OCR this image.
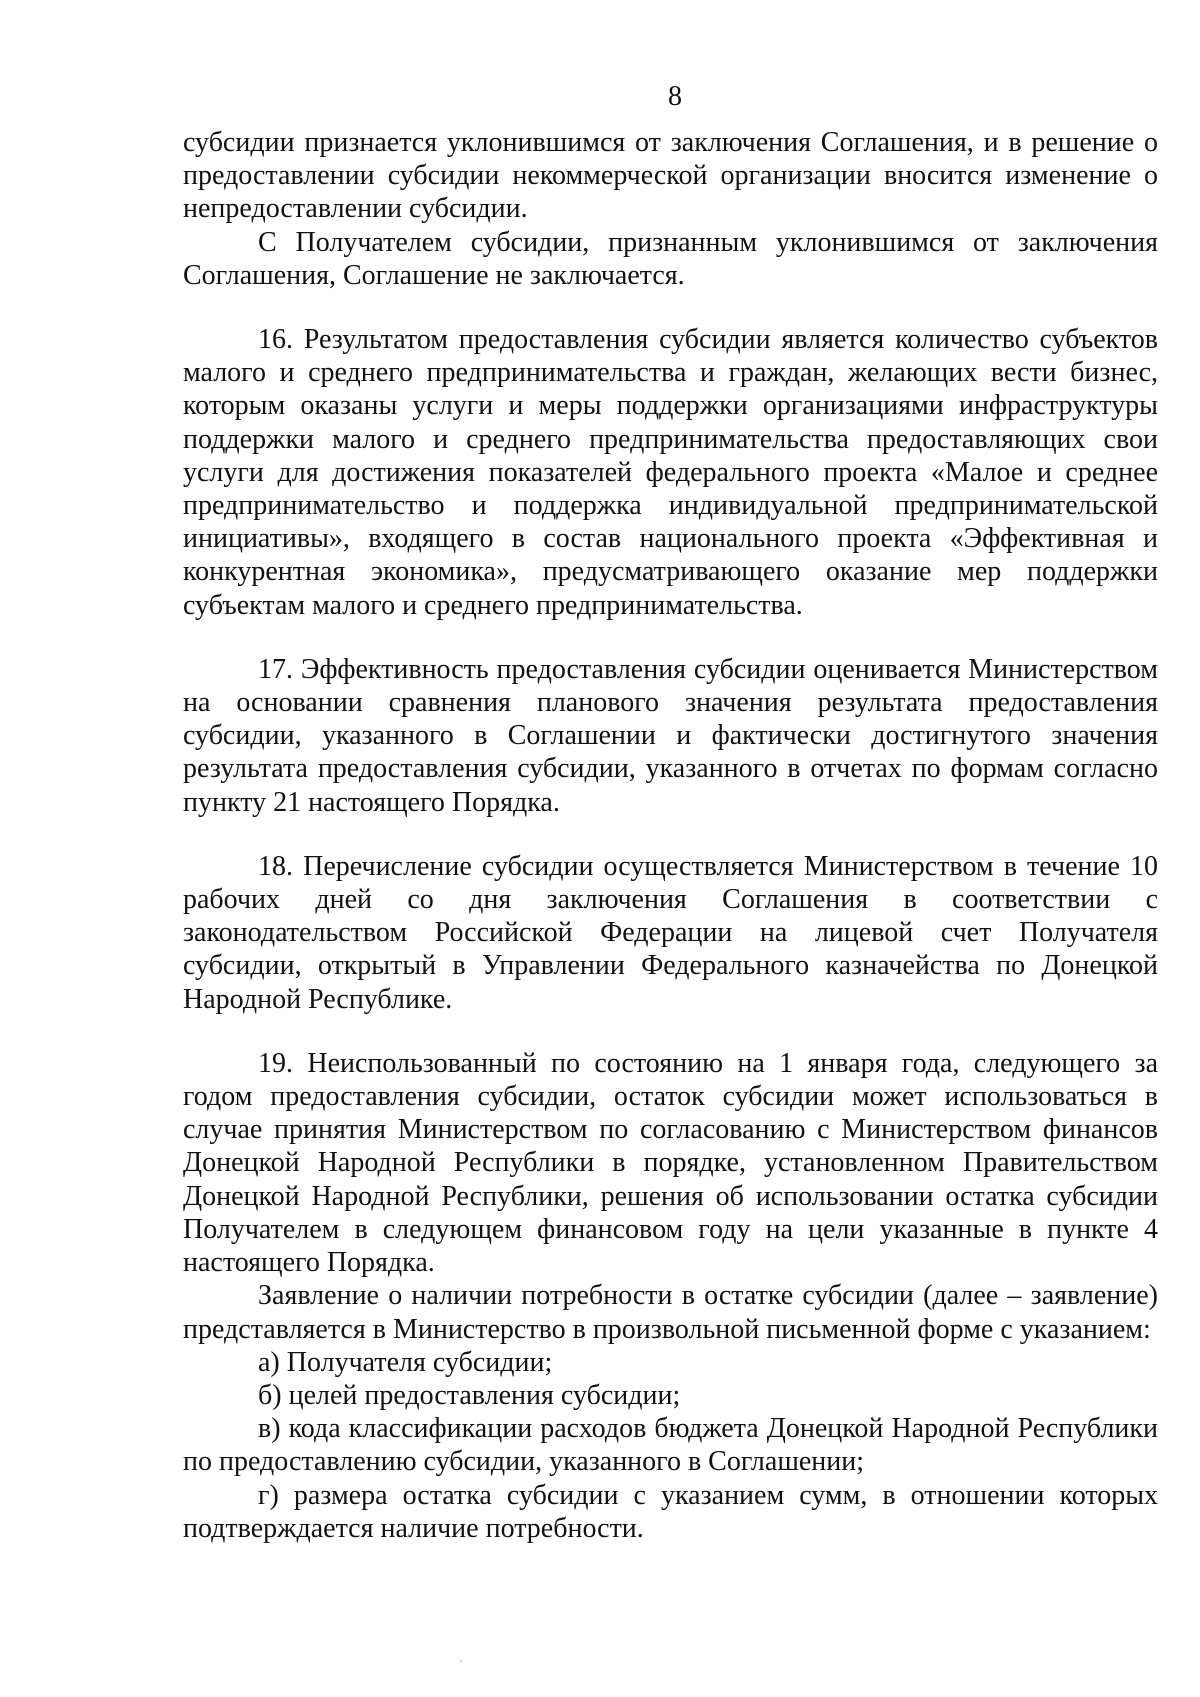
8

субсидии признается уклонившимся от заключения Соглашения, и в решение о предоставлении субсидии некоммерческой организации вносится изменение о непредоставлении субсидии.

С Получателем субсидии, признанным уклонившимся от заключения Соглашения, Соглашение не заключается.

16. Результатом предоставления субсидии является количество субъектов малого и среднего предпринимательства и граждан, желающих вести бизнес, которым оказаны услуги и меры поддержки организациями инфраструктуры поддержки малого и среднего предпринимательства предоставляющих свои услуги для достижения показателей федерального проекта «Малое и среднее предпринимательство и поддержка индивидуальной предпринимательской инициативы», входящего в состав национального проекта «Эффективная и конкурентная экономика», предусматривающего оказание мер поддержки субъектам малого и среднего предпринимательства.

17. Эффективность предоставления субсидии оценивается Министерством на основании сравнения планового значения результата предоставления субсидии, указанного в Соглашении и фактически достигнутого значения результата предоставления субсидии, указанного в отчетах по формам согласно пункту 21 настоящего Порядка.

18. Перечисление субсидии осуществляется Министерством в течение 10 рабочих дней со дня заключения Соглашения в соответствии с законодательством Российской Федерации на лицевой счет Получателя субсидии, открытый в Управлении Федерального казначейства по Донецкой Народной Республике.

19. Неиспользованный по состоянию на 1 января года, следующего за годом предоставления субсидии, остаток субсидии может использоваться в случае принятия Министерством по согласованию с Министерством финансов Донецкой Народной Республики в порядке, установленном Правительством Донецкой Народной Республики, решения об использовании остатка субсидии Получателем в следующем финансовом году на цели указанные в пункте 4 настоящего Порядка.

Заявление о наличии потребности в остатке субсидии (далее – заявление) представляется в Министерство в произвольной письменной форме с указанием:

а) Получателя субсидии;

б) целей предоставления субсидии;

в) кода классификации расходов бюджета Донецкой Народной Республики по предоставлению субсидии, указанного в Соглашении;

г) размера остатка субсидии с указанием сумм, в отношении которых подтверждается наличие потребности.
